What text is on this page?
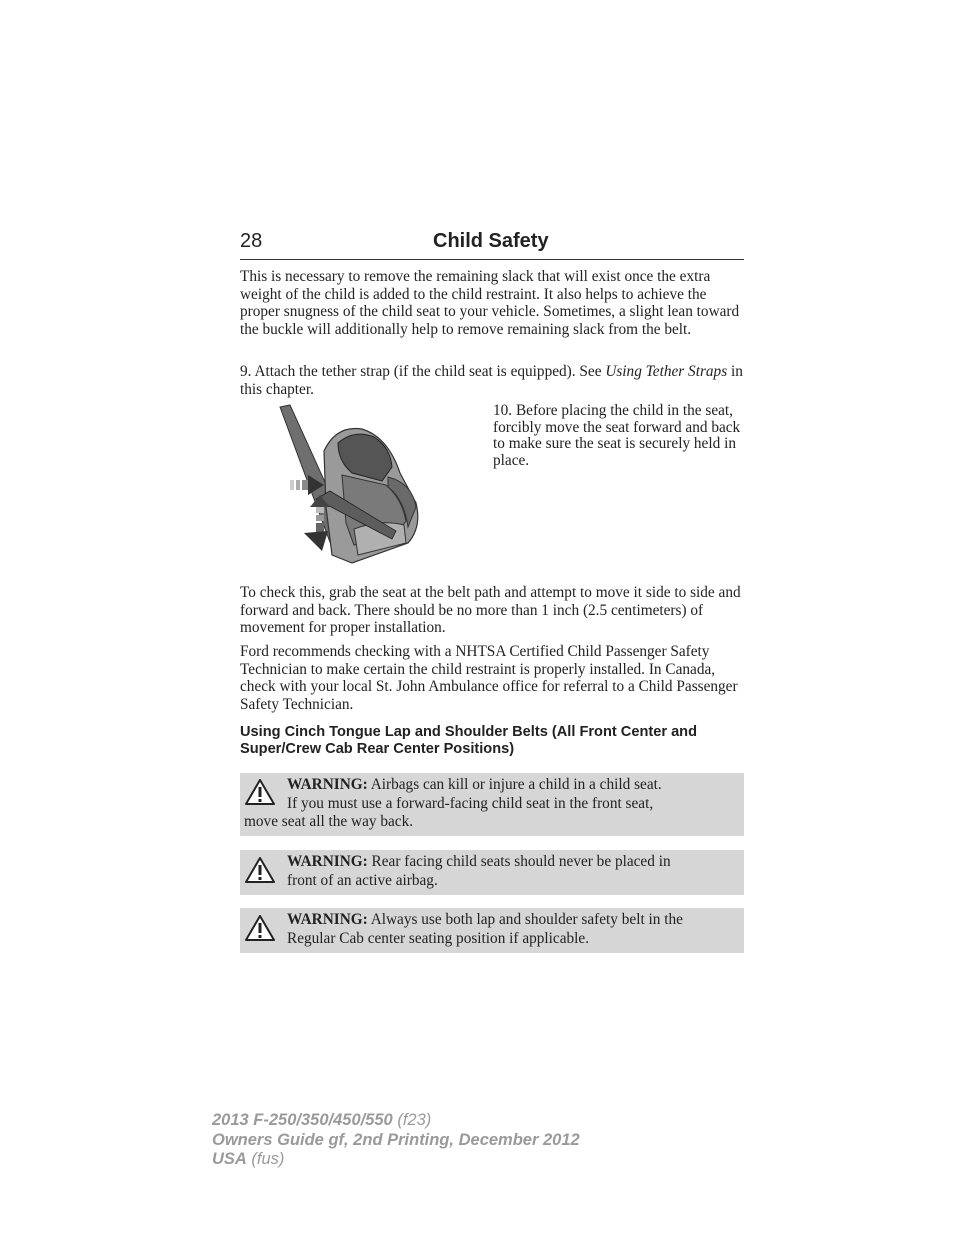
28	Child Safety

This is necessary to remove the remaining slack that will exist once the extra weight of the child is added to the child restraint. It also helps to achieve the proper snugness of the child seat to your vehicle. Sometimes, a slight lean toward the buckle will additionally help to remove remaining slack from the belt.

9. Attach the tether strap (if the child seat is equipped). See Using Tether Straps in this chapter.

10. Before placing the child in the seat, forcibly move the seat forward and back to make sure the seat is securely held in place.

To check this, grab the seat at the belt path and attempt to move it side to side and forward and back. There should be no more than 1 inch (2.5 centimeters) of movement for proper installation.

Ford recommends checking with a NHTSA Certified Child Passenger Safety Technician to make certain the child restraint is properly installed. In Canada, check with your local St. John Ambulance office for referral to a Child Passenger Safety Technician.

Using Cinch Tongue Lap and Shoulder Belts (All Front Center and Super/Crew Cab Rear Center Positions)

WARNING: Airbags can kill or injure a child in a child seat.

If you must use a forward-facing child seat in the front seat,

move seat all the way back.

WARNING: Rear facing child seats should never be placed in

front of an active airbag.

WARNING: Always use both lap and shoulder safety belt in the

Regular Cab center seating position if applicable.

2013 F-250/350/450/550 (f23)
Owners Guide gf, 2nd Printing, December 2012
USA (fus)
